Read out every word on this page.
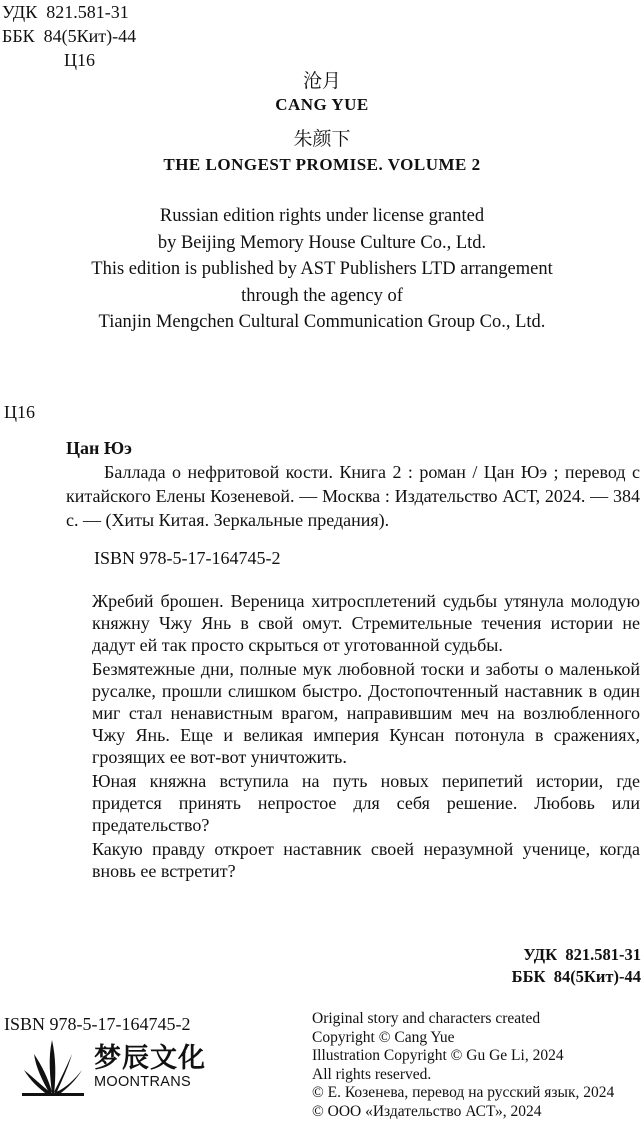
УДК  821.581-31
ББК  84(5Кит)-44
Ц16
沧月
CANG YUE
朱颜下
THE LONGEST PROMISE. VOLUME 2
Russian edition rights under license granted
by Beijing Memory House Culture Co., Ltd.
This edition is published by AST Publishers LTD arrangement
through the agency of
Tianjin Mengchen Cultural Communication Group Co., Ltd.
Ц16
Цан Юэ

Баллада о нефритовой кости. Книга 2 : роман / Цан Юэ ; перевод с китайского Елены Козеневой. — Москва : Издательство АСТ, 2024. — 384 с. — (Хиты Китая. Зеркальные предания).

ISBN 978-5-17-164745-2

Жребий брошен. Вереница хитросплетений судьбы утянула молодую княжну Чжу Янь в свой омут. Стремительные течения истории не дадут ей так просто скрыться от уготованной судьбы.

Безмятежные дни, полные мук любовной тоски и заботы о маленькой русалке, прошли слишком быстро. Достопочтенный наставник в один миг стал ненавистным врагом, направившим меч на возлюбленного Чжу Янь. Еще и великая империя Кунсан потонула в сражениях, грозящих ее вот-вот уничтожить.

Юная княжна вступила на путь новых перипетий истории, где придется принять непростое для себя решение. Любовь или предательство?

Какую правду откроет наставник своей неразумной ученице, когда вновь ее встретит?

УДК  821.581-31
ББК  84(5Кит)-44
ISBN 978-5-17-164745-2	Original story and characters created
Copyright © Cang Yue
Illustration Copyright © Gu Ge Li, 2024
All rights reserved.
© Е. Козенева, перевод на русский язык, 2024
© ООО «Издательство АСТ», 2024
梦辰文化
MOONTRANS
